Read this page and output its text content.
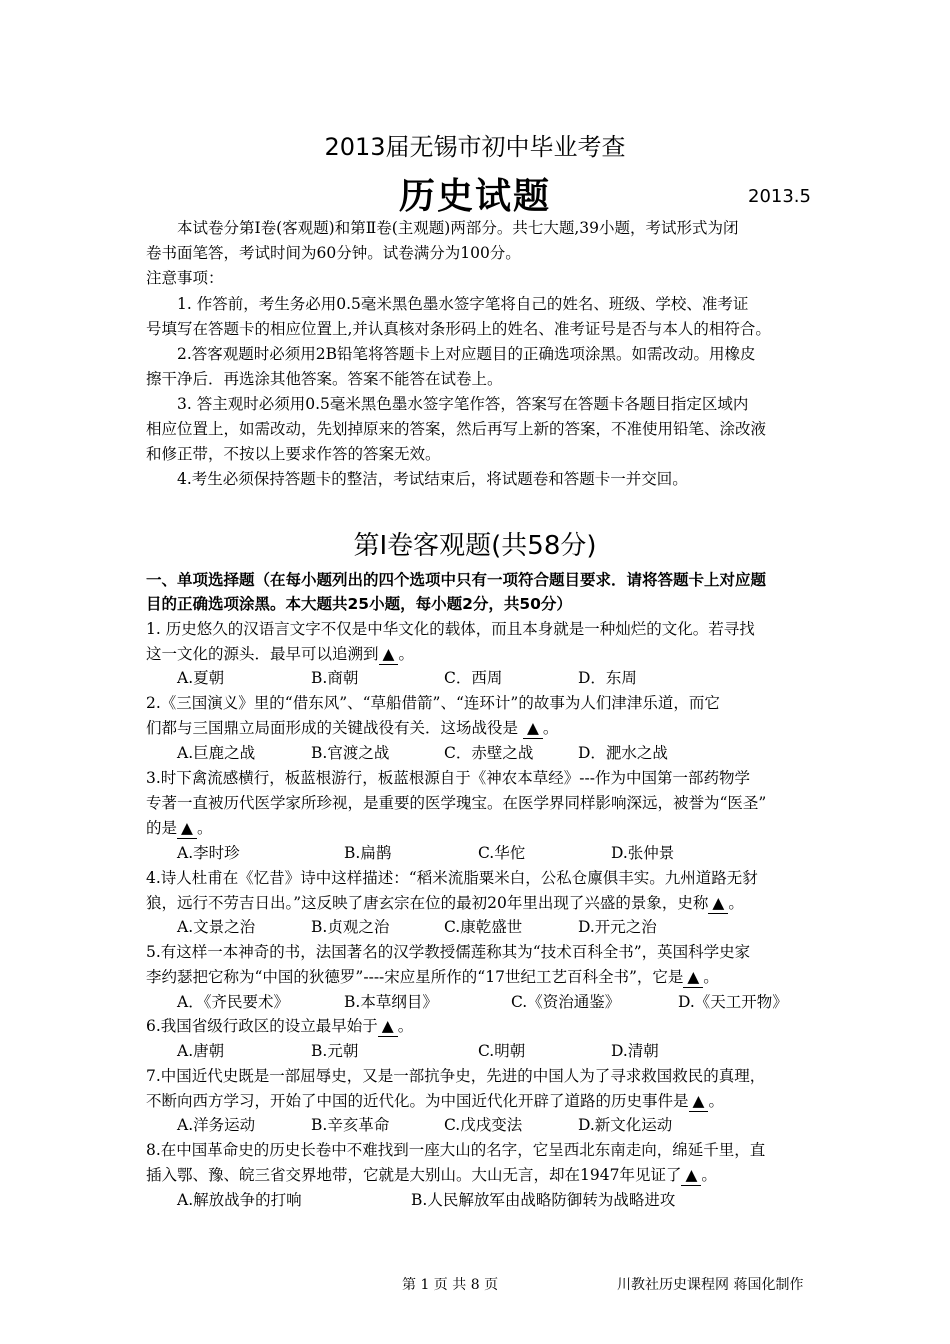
2013届无锡市初中毕业考查
历史试题	2013.5
本试卷分第Ⅰ卷(客观题)和第Ⅱ卷(主观题)两部分。共七大题,39小题，考试形式为闭
卷书面笔答，考试时间为60分钟。试卷满分为100分。
注意事项：
1. 作答前，考生务必用0.5毫米黑色墨水签字笔将自己的姓名、班级、学校、准考证
号填写在答题卡的相应位置上,并认真核对条形码上的姓名、准考证号是否与本人的相符合。
2.答客观题时必须用2B铅笔将答题卡上对应题目的正确选项涂黑。如需改动。用橡皮
擦干净后．再选涂其他答案。答案不能答在试卷上。
3. 答主观时必须用0.5毫米黑色墨水签字笔作答，答案写在答题卡各题目指定区域内
相应位置上，如需改动，先划掉原来的答案，然后再写上新的答案，不准使用铅笔、涂改液
和修正带，不按以上要求作答的答案无效。
4.考生必须保持答题卡的整洁，考试结束后，将试题卷和答题卡一并交回。
第Ⅰ卷客观题(共58分)
一、单项选择题（在每小题列出的四个选项中只有一项符合题目要求．请将答题卡上对应题
目的正确选项涂黑。本大题共25小题，每小题2分，共50分）
1. 历史悠久的汉语言文字不仅是中华文化的载体，而且本身就是一种灿烂的文化。若寻找
这一文化的源头．最早可以追溯到 ▲ 。
A.夏朝	B.商朝	C．西周	D．东周
2.《三国演义》里的“借东风”、“草船借箭”、“连环计”的故事为人们津津乐道，而它
们都与三国鼎立局面形成的关键战役有关．这场战役是 ▲ 。
A.巨鹿之战	B.官渡之战	C．赤壁之战	D．淝水之战
3.时下禽流感横行，板蓝根游行，板蓝根源自于《神农本草经》---作为中国第一部药物学
专著一直被历代医学家所珍视，是重要的医学瑰宝。在医学界同样影响深远，被誉为“医圣”
的是 ▲ 。
A.李时珍	B.扁鹊	C.华佗	D.张仲景
4.诗人杜甫在《忆昔》诗中这样描述：“稻米流脂粟米白，公私仓廪俱丰实。九州道路无豺
狼，远行不劳吉日出。”这反映了唐玄宗在位的最初20年里出现了兴盛的景象，史称 ▲ 。
A.文景之治	B.贞观之治	C.康乾盛世	D.开元之治
5.有这样一本神奇的书，法国著名的汉学教授儒莲称其为“技术百科全书”，英国科学史家
李约瑟把它称为“中国的狄德罗”----宋应星所作的“17世纪工艺百科全书”，它是 ▲ 。
A．《齐民要术》	B.本草纲目》	C.《资治通鉴》	D.《天工开物》
6.我国省级行政区的设立最早始于 ▲ 。
A.唐朝	B.元朝	C.明朝	D.清朝
7.中国近代史既是一部屈辱史，又是一部抗争史，先进的中国人为了寻求救国救民的真理，
不断向西方学习，开始了中国的近代化。为中国近代化开辟了道路的历史事件是 ▲ 。
A.洋务运动	B.辛亥革命	C.戊戌变法	D.新文化运动
8.在中国革命史的历史长卷中不难找到一座大山的名字，它呈西北东南走向，绵延千里，直
插入鄂、豫、皖三省交界地带，它就是大别山。大山无言，却在1947年见证了 ▲ 。
A.解放战争的打响	B.人民解放军由战略防御转为战略进攻
第 1 页 共 8 页	川教社历史课程网 蒋国化制作
